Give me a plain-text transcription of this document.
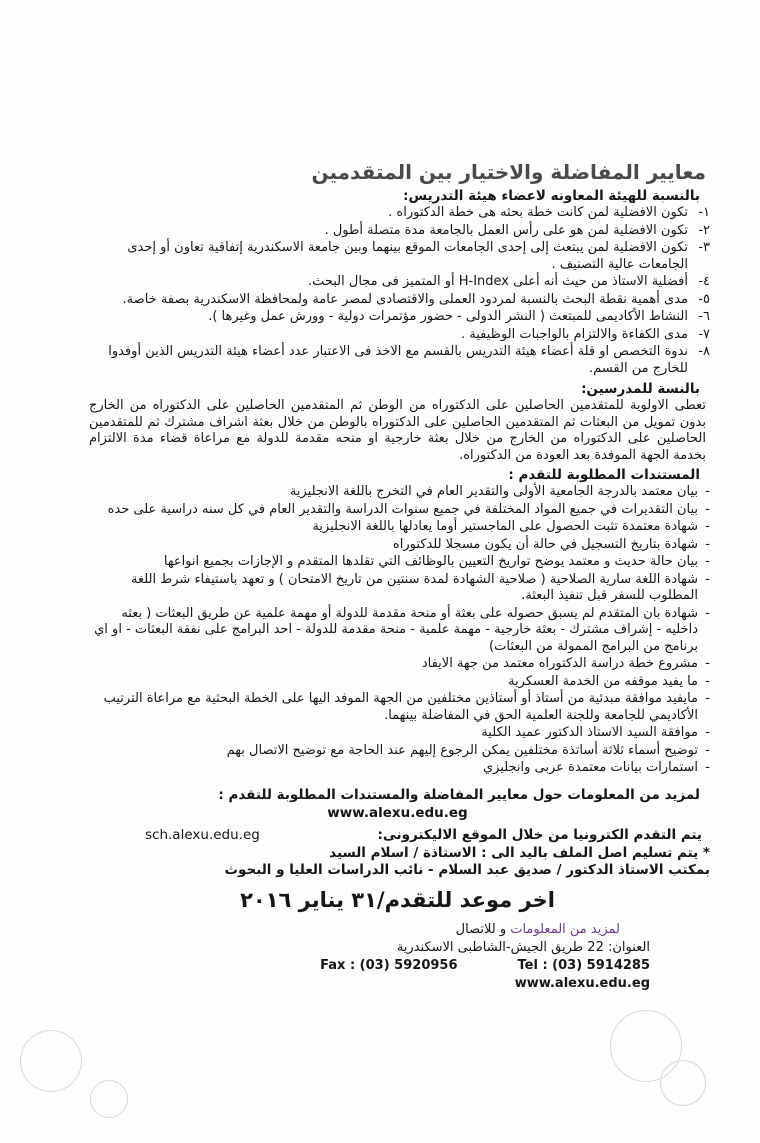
معايير المفاضلة والاختيار بين المتقدمين
بالنسبة للهيئة المعاونه لاعضاء هيئة التدريس:
١-
تكون الافضلية لمن كانت خطة بحثه هى خطة الدكتوراه .
٢-
تكون الافضلية لمن هو على رأس العمل بالجامعة مدة متصلة أطول .
٣-
تكون الافضلية لمن يبتعث إلى إحدى الجامعات الموقع بينهما وبين جامعة الاسكندرية إتفاقية تعاون أو إحدى الجامعات عالية التصنيف .
٤-
أفضلية الاستاذ من حيث أنه أعلى H-Index أو المتميز فى مجال البحث.
٥-
مدى أهمية نقطة البحث بالنسبة لمردود العملى والاقتصادى لمصر عامة ولمحافظة الاسكندرية بصفة خاصة.
٦-
النشاط الأكاديمى للمبتعث ( النشر الدولى - حضور مؤتمرات دولية - وورش عمل وغيرها ).
٧-
مدى الكفاءة والالتزام بالواجبات الوظيفية .
٨-
ندوة التخصص او قلة أعضاء هيئة التدريس بالقسم مع الاخذ فى الاعتبار عدد أعضاء هيئة التدريس الذين أوفدوا للخارج من القسم.
بالنسة للمدرسين:

تعطى الاولوية للمتقدمين الحاصلين على الدكتوراه من الوطن ثم المتقدمين الحاصلين على الدكتوراه من الخارج بدون تمويل من البعثات ثم المتقدمين الحاصلين على الدكتوراه بالوطن من خلال بعثة اشراف مشترك ثم للمتقدمين الحاصلين على الدكتوراه من الخارج من خلال بعثة خارجية او منحه مقدمة للدولة مع مراعاة قضاء مدة الالتزام بخدمة الجهة الموفدة بعد العودة من الدكتوراه.

المستندات المطلوبة للتقدم :
-
بيان معتمد بالدرجة الجامعية الأولى والتقدير العام في التخرج باللغة الانجليزية
-
بيان التقديرات في جميع المواد المختلفة في جميع سنوات الدراسة والتقدير العام في كل سنه دراسية على حده
-
شهادة معتمدة تثبت الحصول على الماجستير أوما يعادلها باللغة الانجليزية
-
شهادة بتاريخ التسجيل في حالة أن يكون مسجلا للدكتوراه
-
بيان حالة حديث و معتمد يوضح تواريخ التعيين بالوظائف التي تقلدها المتقدم و الإجازات بجميع انواعها
-
شهادة اللغة سارية الصلاحية ( صلاحية الشهادة لمدة سنتين من تاريخ الامتحان ) و تعهد باستيفاء شرط اللغة المطلوب للسفر قبل تنفيذ البعثة.
-
شهادة بان المتقدم لم يسبق حصوله على بعثة أو منحة مقدمة للدولة أو مهمة علمية عن طريق البعثات ( بعثه داخليه - إشراف مشترك - بعثة خارجية - مهمة علمية - منحة مقدمة للدولة - احد البرامج على نفقة البعثات - او اي برنامج من البرامج الممولة من البعثات)
-
مشروع خطة دراسة الدكتوراه معتمد من جهة الايفاد
-
ما يفيد موقفه من الخدمة العسكرية
-
مايفيد موافقة مبدئية من أستاذ أو أستاذين مختلفين من الجهة الموفد اليها على الخطة البحثية مع مراعاة الترتيب الأكاديمي للجامعة وللجنة العلمية الحق في المفاضلة بينهما.
-
موافقة السيد الاستاذ الدكتور عميد الكلية
-
توضيح أسماء ثلاثة أساتذة مختلفين يمكن الرجوع إليهم عند الحاجة مع توضيح الاتصال بهم
-
استمارات بيانات معتمدة عربى وانجليزي
لمزيد من المعلومات حول معايير المفاضلة والمستندات المطلوبة للتقدم :
www.alexu.edu.eg
يتم التقدم الكترونيا من خلال الموقع الاليكترونى:
sch.alexu.edu.eg
* يتم تسليم اصل الملف باليد الى : الاستاذة / اسلام السيد
بمكتب الاستاذ الدكتور / صديق عبد السلام - نائب الدراسات العليا و البحوث
اخر موعد للتقدم/٣١ يناير ٢٠١٦
لمزيد من المعلومات و للاتصال
العنوان: 22 طريق الجيش-الشاطبى الاسكندرية
Fax : (03) 5920956	Tel : (03) 5914285
www.alexu.edu.eg
